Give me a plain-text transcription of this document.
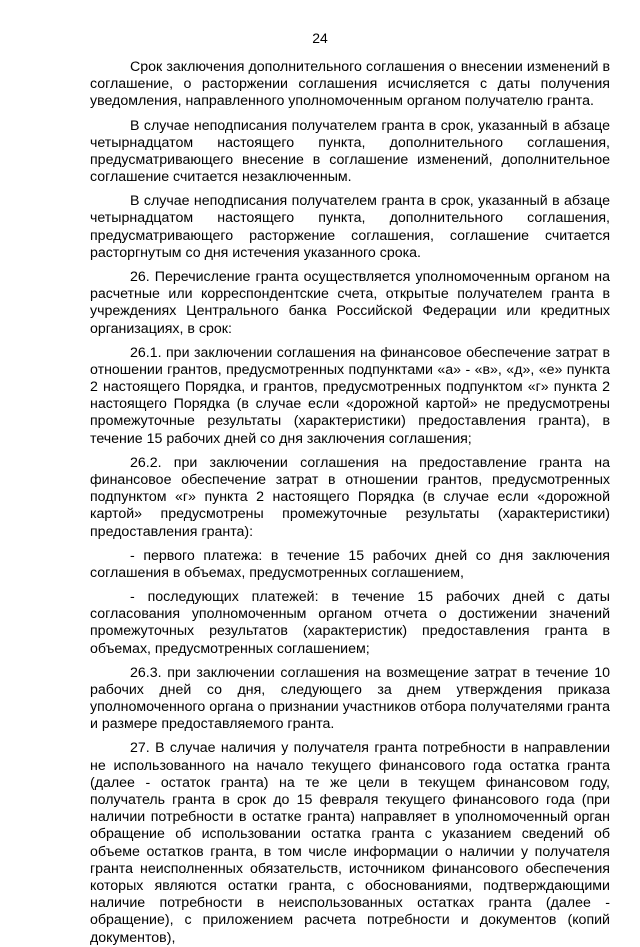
24

Срок заключения дополнительного соглашения о внесении изменений в соглашение, о расторжении соглашения исчисляется с даты получения уведомления, направленного уполномоченным органом получателю гранта.

В случае неподписания получателем гранта в срок, указанный в абзаце четырнадцатом настоящего пункта, дополнительного соглашения, предусматривающего внесение в соглашение изменений, дополнительное соглашение считается незаключенным.

В случае неподписания получателем гранта в срок, указанный в абзаце четырнадцатом настоящего пункта, дополнительного соглашения, предусматривающего расторжение соглашения, соглашение считается расторгнутым со дня истечения указанного срока.

26. Перечисление гранта осуществляется уполномоченным органом на расчетные или корреспондентские счета, открытые получателем гранта в учреждениях Центрального банка Российской Федерации или кредитных организациях, в срок:

26.1. при заключении соглашения на финансовое обеспечение затрат в отношении грантов, предусмотренных подпунктами «а» - «в», «д», «е» пункта 2 настоящего Порядка, и грантов, предусмотренных подпунктом «г» пункта 2 настоящего Порядка (в случае если «дорожной картой» не предусмотрены промежуточные результаты (характеристики) предоставления гранта), в течение 15 рабочих дней со дня заключения соглашения;

26.2. при заключении соглашения на предоставление гранта на финансовое обеспечение затрат в отношении грантов, предусмотренных подпунктом «г» пункта 2 настоящего Порядка (в случае если «дорожной картой» предусмотрены промежуточные результаты (характеристики) предоставления гранта):

- первого платежа: в течение 15 рабочих дней со дня заключения соглашения в объемах, предусмотренных соглашением,

- последующих платежей: в течение 15 рабочих дней с даты согласования уполномоченным органом отчета о достижении значений промежуточных результатов (характеристик) предоставления гранта в объемах, предусмотренных соглашением;

26.3. при заключении соглашения на возмещение затрат в течение 10 рабочих дней со дня, следующего за днем утверждения приказа уполномоченного органа о признании участников отбора получателями гранта и размере предоставляемого гранта.

27. В случае наличия у получателя гранта потребности в направлении не использованного на начало текущего финансового года остатка гранта (далее - остаток гранта) на те же цели в текущем финансовом году, получатель гранта в срок до 15 февраля текущего финансового года (при наличии потребности в остатке гранта) направляет в уполномоченный орган обращение об использовании остатка гранта с указанием сведений об объеме остатков гранта, в том числе информации о наличии у получателя гранта неисполненных обязательств, источником финансового обеспечения которых являются остатки гранта, с обоснованиями, подтверждающими наличие потребности в неиспользованных остатках гранта (далее - обращение), с приложением расчета потребности и документов (копий документов),
